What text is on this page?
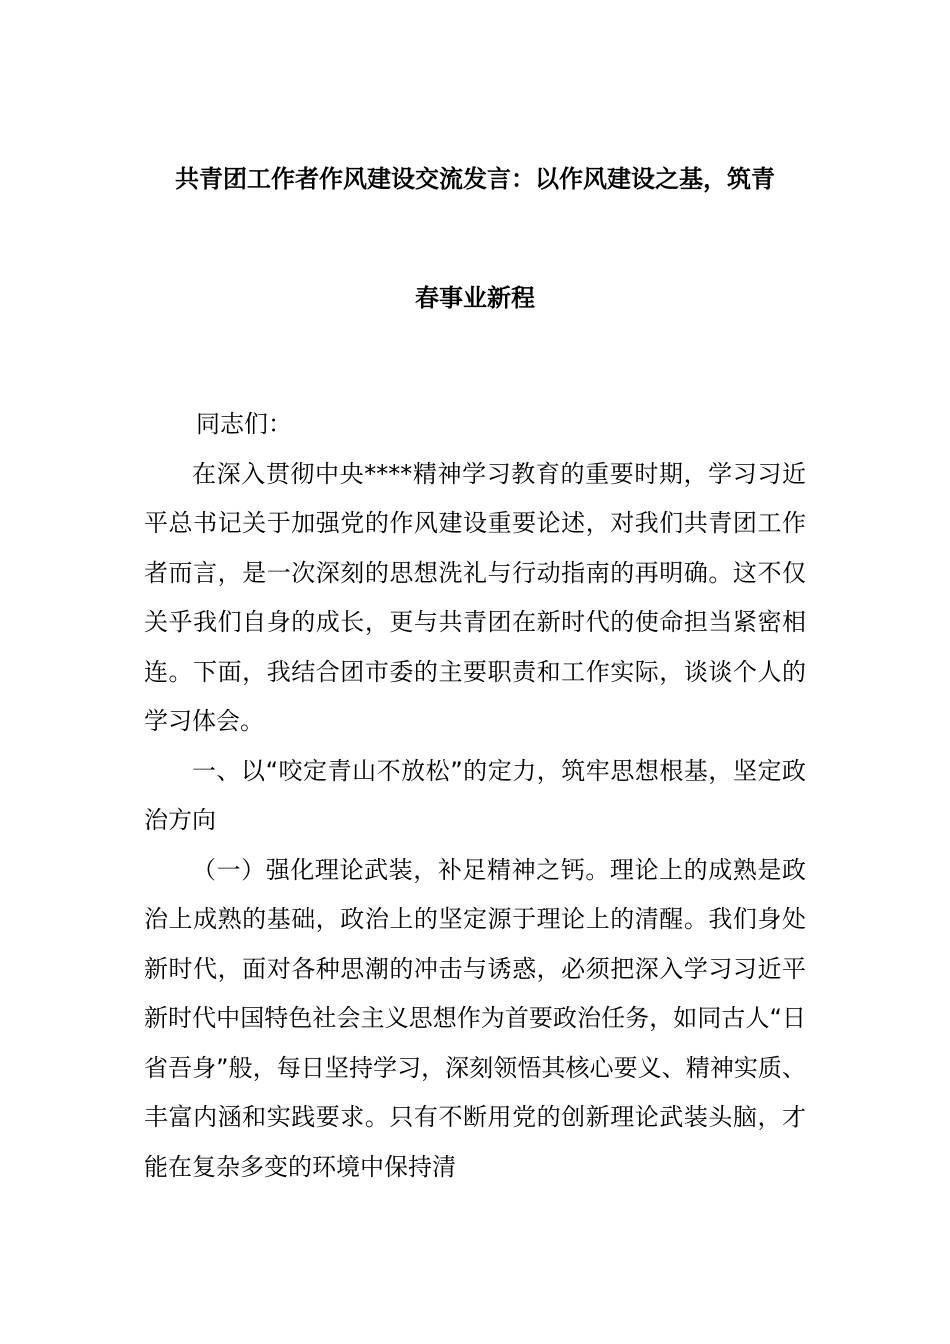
共青团工作者作风建设交流发言：以作风建设之基，筑青
春事业新程

同志们：

在深入贯彻中央****精神学习教育的重要时期，学习习近平总书记关于加强党的作风建设重要论述，对我们共青团工作者而言，是一次深刻的思想洗礼与行动指南的再明确。这不仅关乎我们自身的成长，更与共青团在新时代的使命担当紧密相连。下面，我结合团市委的主要职责和工作实际，谈谈个人的学习体会。

一、以“咬定青山不放松”的定力，筑牢思想根基，坚定政治方向

（一）强化理论武装，补足精神之钙。理论上的成熟是政治上成熟的基础，政治上的坚定源于理论上的清醒。我们身处新时代，面对各种思潮的冲击与诱惑，必须把深入学习习近平新时代中国特色社会主义思想作为首要政治任务，如同古人“日省吾身”般，每日坚持学习，深刻领悟其核心要义、精神实质、丰富内涵和实践要求。只有不断用党的创新理论武装头脑，才能在复杂多变的环境中保持清
